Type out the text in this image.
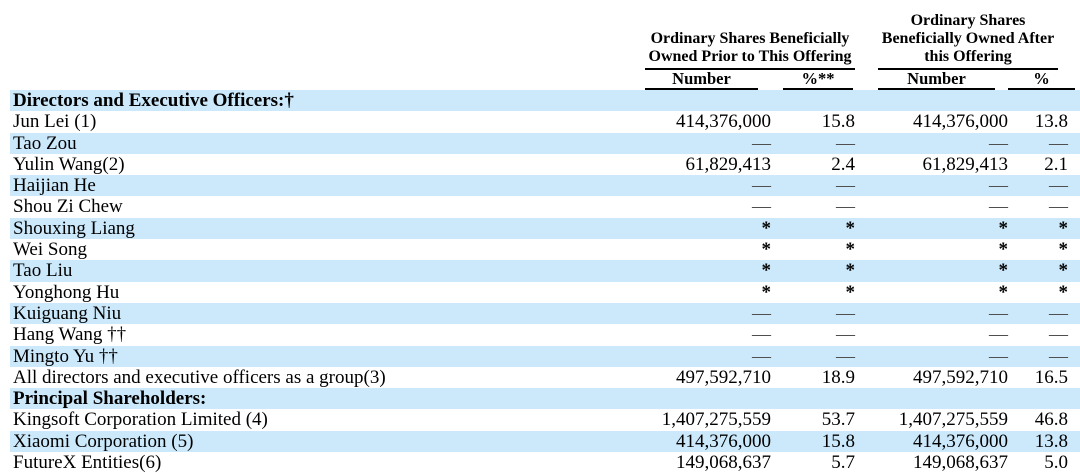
	Ordinary Shares Beneficially Owned Prior to This Offering		Ordinary Shares Beneficially Owned After this Offering	

	Number	%**	Number	%

Directors and Executive Officers:†				
Jun Lei (1)	414,376,000	15.8	414,376,000	13.8
Tao Zou	—	—	—	—
Yulin Wang(2)	61,829,413	2.4	61,829,413	2.1
Haijian He	—	—	—	—
Shou Zi Chew	—	—	—	—
Shouxing Liang	*	*	*	*
Wei Song	*	*	*	*
Tao Liu	*	*	*	*
Yonghong Hu	*	*	*	*
Kuiguang Niu	—	—	—	—
Hang Wang ††	—	—	—	—
Mingto Yu ††	—	—	—	—
All directors and executive officers as a group(3)	497,592,710	18.9	497,592,710	16.5
Principal Shareholders:				
Kingsoft Corporation Limited (4)	1,407,275,559	53.7	1,407,275,559	46.8
Xiaomi Corporation (5)	414,376,000	15.8	414,376,000	13.8
FutureX Entities(6)	149,068,637	5.7	149,068,637	5.0
